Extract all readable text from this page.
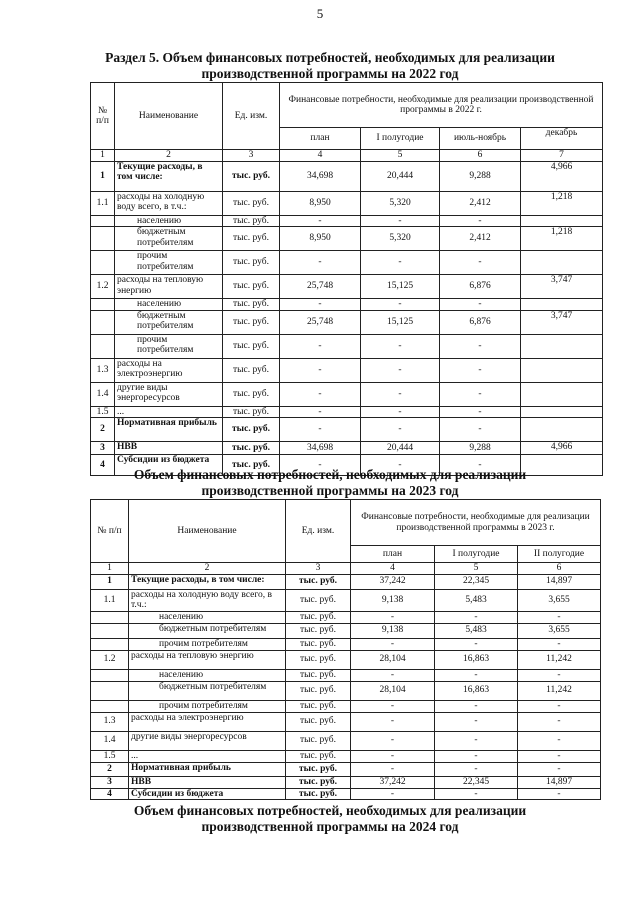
5
Раздел 5. Объем финансовых потребностей, необходимых для реализации
производственной программы на 2022 год
№ п/п	Наименование	Ед. изм.	Финансовые потребности, необходимые для реализации производственной программы в 2022 г.			
			план	I полугодие	июль-ноябрь	декабрь
1	2	3	4	5	6	7
1	Текущие расходы, в том числе:	тыс. руб.	34,698	20,444	9,288	4,966
1.1	расходы на холодную воду всего, в т.ч.:	тыс. руб.	8,950	5,320	2,412	1,218
	населению	тыс. руб.	-	-	-	
	бюджетным потребителям	тыс. руб.	8,950	5,320	2,412	1,218
	прочим потребителям	тыс. руб.	-	-	-	
1.2	расходы на тепловую энергию	тыс. руб.	25,748	15,125	6,876	3,747
	населению	тыс. руб.	-	-	-	
	бюджетным потребителям	тыс. руб.	25,748	15,125	6,876	3,747
	прочим потребителям	тыс. руб.	-	-	-	
1.3	расходы на электроэнергию	тыс. руб.	-	-	-	
1.4	другие виды энергоресурсов	тыс. руб.	-	-	-	
1.5	...	тыс. руб.	-	-	-	
2	Нормативная прибыль	тыс. руб.	-	-	-	
3	НВВ	тыс. руб.	34,698	20,444	9,288	4,966
4	Субсидии из бюджета	тыс. руб.	-	-	-	
Объем финансовых потребностей, необходимых для реализации
производственной программы на 2023 год
№ п/п	Наименование	Ед. изм.	Финансовые потребности, необходимые для реализации производственной программы в 2023 г.		
			план	I полугодие	II полугодие
1	2	3	4	5	6
1	Текущие расходы, в том числе:	тыс. руб.	37,242	22,345	14,897
1.1	расходы на холодную воду всего, в т.ч.:	тыс. руб.	9,138	5,483	3,655
	населению	тыс. руб.	-	-	-
	бюджетным потребителям	тыс. руб.	9,138	5,483	3,655
	прочим потребителям	тыс. руб.	-	-	-
1.2	расходы на тепловую энергию	тыс. руб.	28,104	16,863	11,242
	населению	тыс. руб.	-	-	-
	бюджетным потребителям	тыс. руб.	28,104	16,863	11,242
	прочим потребителям	тыс. руб.	-	-	-
1.3	расходы на электроэнергию	тыс. руб.	-	-	-
1.4	другие виды энергоресурсов	тыс. руб.	-	-	-
1.5	...	тыс. руб.	-	-	-
2	Нормативная прибыль	тыс. руб.	-	-	-
3	НВВ	тыс. руб.	37,242	22,345	14,897
4	Субсидии из бюджета	тыс. руб.	-	-	-
Объем финансовых потребностей, необходимых для реализации
производственной программы на 2024 год
